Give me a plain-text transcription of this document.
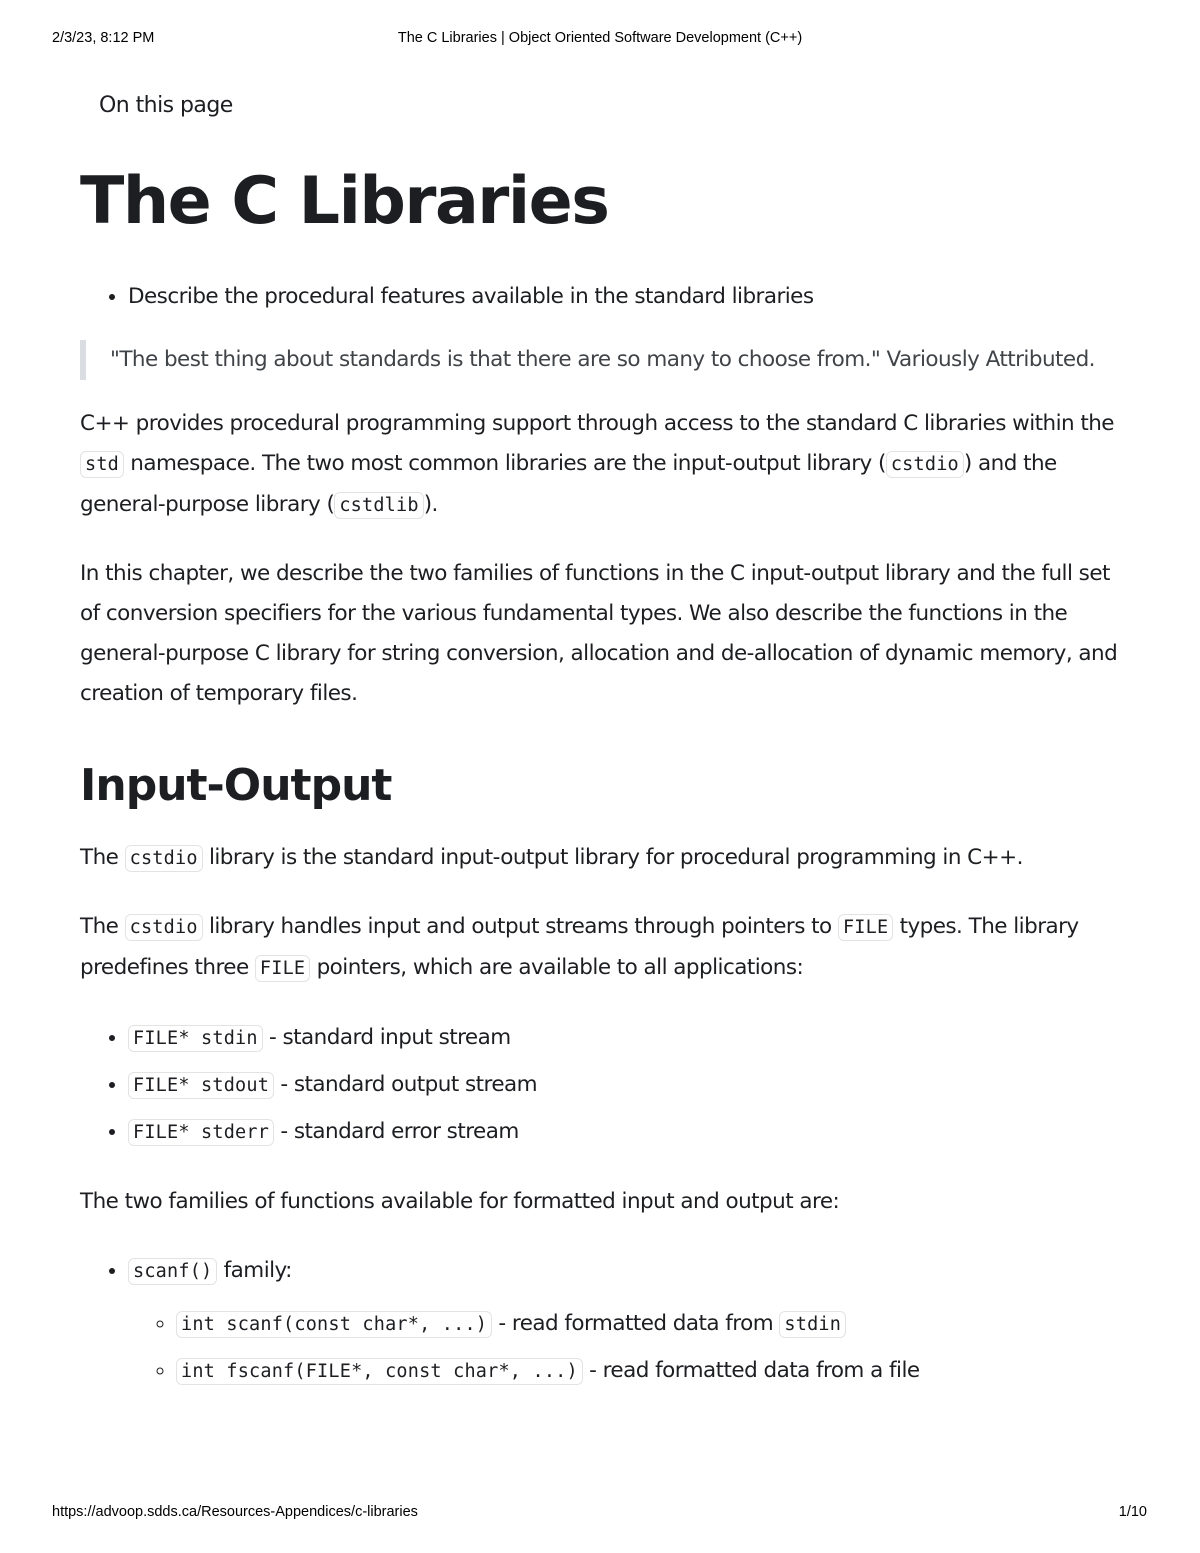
2/3/23, 8:12 PM	The C Libraries | Object Oriented Software Development (C++)

On this page

The C Libraries
• Describe the procedural features available in the standard libraries
"The best thing about standards is that there are so many to choose from." Variously Attributed.

C++ provides procedural programming support through access to the standard C libraries within the std namespace. The two most common libraries are the input-output library ( cstdio ) and the general-purpose library ( cstdlib ).

In this chapter, we describe the two families of functions in the C input-output library and the full set of conversion specifiers for the various fundamental types. We also describe the functions in the general-purpose C library for string conversion, allocation and de-allocation of dynamic memory, and creation of temporary files.

Input-Output

The cstdio library is the standard input-output library for procedural programming in C++.

The cstdio library handles input and output streams through pointers to FILE types. The library predefines three FILE pointers, which are available to all applications:

• FILE* stdin - standard input stream
• FILE* stdout - standard output stream
• FILE* stderr - standard error stream

The two families of functions available for formatted input and output are:

• scanf() family:
◦ int scanf(const char*, ...) - read formatted data from stdin
◦ int fscanf(FILE*, const char*, ...) - read formatted data from a file
https://advoop.sdds.ca/Resources-Appendices/c-libraries	1/10
